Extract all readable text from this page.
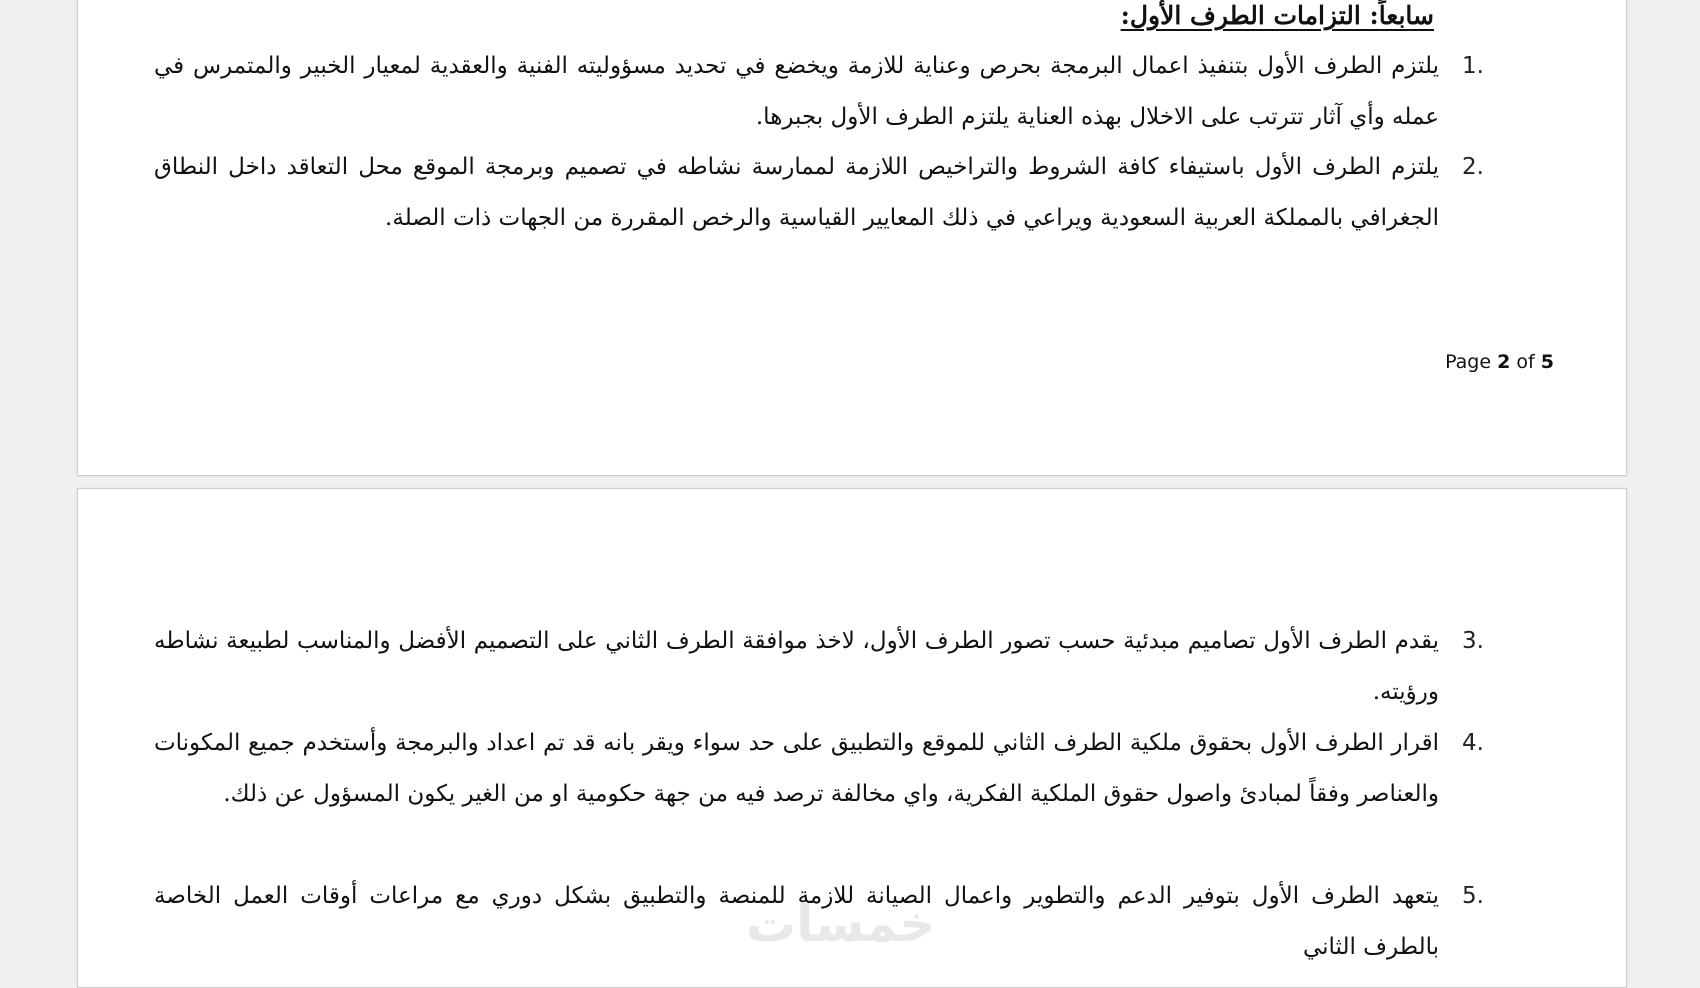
سابعاً: التزامات الطرف الأول:
يلتزم الطرف الأول بتنفيذ اعمال البرمجة بحرص وعناية للازمة ويخضع في تحديد مسؤوليته الفنية والعقدية لمعيار الخبير والمتمرس في عمله وأي آثار تترتب على الاخلال بهذه العناية يلتزم الطرف الأول بجبرها.
1.
يلتزم الطرف الأول باستيفاء كافة الشروط والتراخيص اللازمة لممارسة نشاطه في تصميم وبرمجة الموقع محل التعاقد داخل النطاق الجغرافي بالمملكة العربية السعودية ويراعي في ذلك المعايير القياسية والرخص المقررة من الجهات ذات الصلة.
2.
Page 2 of 5
يقدم الطرف الأول تصاميم مبدئية حسب تصور الطرف الأول، لاخذ موافقة الطرف الثاني على التصميم الأفضل والمناسب لطبيعة نشاطه ورؤيته.
3.
اقرار الطرف الأول بحقوق ملكية الطرف الثاني للموقع والتطبيق على حد سواء ويقر بانه قد تم اعداد والبرمجة وأستخدم جميع المكونات والعناصر وفقاً لمبادئ واصول حقوق الملكية الفكرية، واي مخالفة ترصد فيه من جهة حكومية او من الغير يكون المسؤول عن ذلك.
4.
يتعهد الطرف الأول بتوفير الدعم والتطوير واعمال الصيانة للازمة للمنصة والتطبيق بشكل دوري مع مراعات أوقات العمل الخاصة بالطرف الثاني
5.
خمسات
